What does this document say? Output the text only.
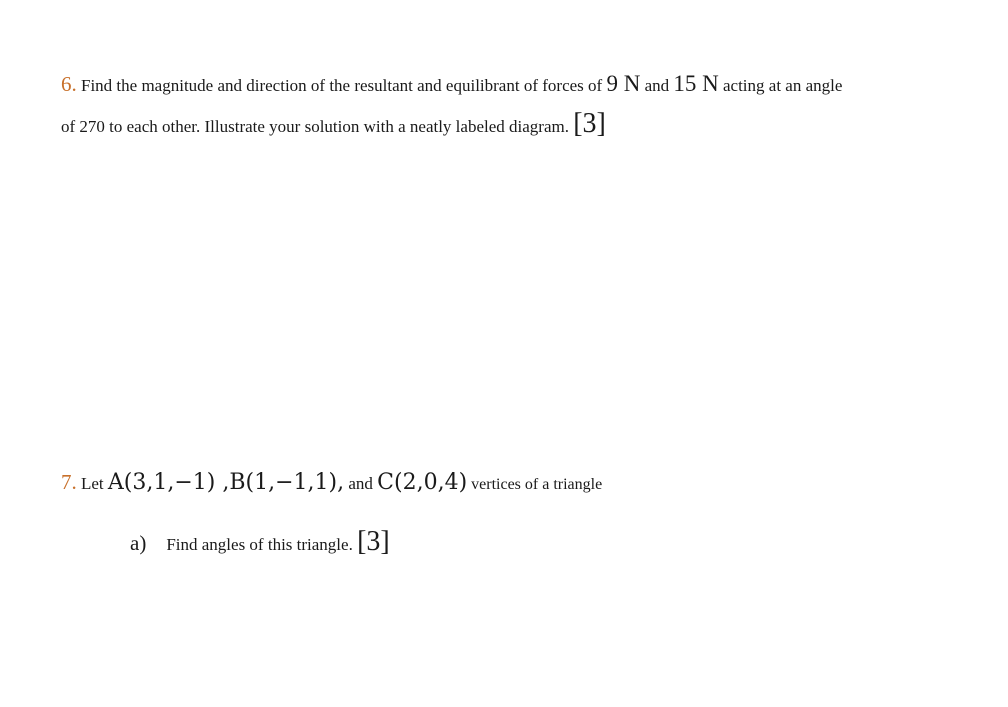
6. Find the magnitude and direction of the resultant and equilibrant of forces of 9 N and 15 N acting at an angle
of 270 to each other. Illustrate your solution with a neatly labeled diagram. [3]
7. Let A(3,1,−1) ,B(1,−1,1), and C(2,0,4) vertices of a triangle
a) Find angles of this triangle. [3]
